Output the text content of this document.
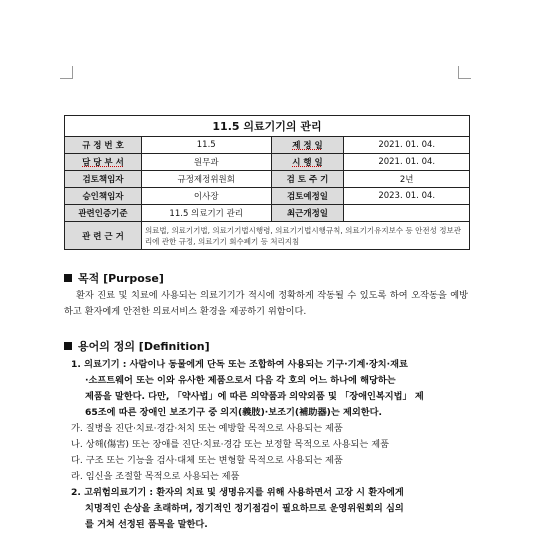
11.5 의료기기의 관리			
규 정 번 호	11.5	제 정 일	2021. 01. 04.
담 당 부 서	원무과	시 행 일	2021. 01. 04.
검토책임자	규정제정위원회	검 토 주 기	2년
승인책임자	이사장	검토예정일	2023. 01. 04.
관련인증기준	11.5 의료기기 관리	최근개정일	
관 련 근 거	의료법, 의료기기법, 의료기기법시행령, 의료기기법시행규칙, 의료기기유지보수 등 안전성 정보관리에 관한 규정, 의료기기 회수폐기 등 처리지침		
목적 [Purpose]
환자 진료 및 치료에 사용되는 의료기기가 적시에 정확하게 작동될 수 있도록 하여 오작동을 예방하고 환자에게 안전한 의료서비스 환경을 제공하기 위함이다.
용어의 정의 [Definition]
1. 의료기기 : 사람이나 동물에게 단독 또는 조합하여 사용되는 기구·기계·장치·재료
·소프트웨어 또는 이와 유사한 제품으로서 다음 각 호의 어느 하나에 해당하는
제품을 말한다. 다만, 「약사법」에 따른 의약품과 의약외품 및 「장애인복지법」 제
65조에 따른 장애인 보조기구 중 의지(義肢)·보조기(補助器)는 제외한다.
가. 질병을 진단·치료·경감·처치 또는 예방할 목적으로 사용되는 제품
나. 상해(傷害) 또는 장애를 진단·치료·경감 또는 보정할 목적으로 사용되는 제품
다. 구조 또는 기능을 검사·대체 또는 변형할 목적으로 사용되는 제품
라. 임신을 조절할 목적으로 사용되는 제품
2. 고위험의료기기 : 환자의 치료 및 생명유지를 위해 사용하면서 고장 시 환자에게
치명적인 손상을 초래하며, 정기적인 정기점검이 필요하므로 운영위원회의 심의
를 거쳐 선정된 품목을 말한다.
